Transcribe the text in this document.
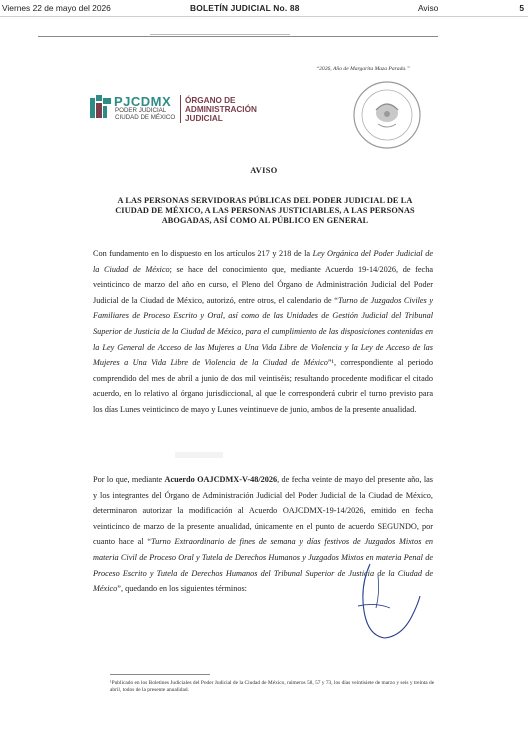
Viernes 22 de mayo del 2026	BOLETÍN JUDICIAL No. 88	Aviso	5
“2026, Año de Margarita Maza Parada.”
PJCDMX
PODER JUDICIAL
CIUDAD DE MÉXICO
ÓRGANO DE
ADMINISTRACIÓN
JUDICIAL
AVISO
A LAS PERSONAS SERVIDORAS PÚBLICAS DEL PODER JUDICIAL DE LA CIUDAD DE MÉXICO, A LAS PERSONAS JUSTICIABLES, A LAS PERSONAS ABOGADAS, ASÍ COMO AL PÚBLICO EN GENERAL
Con fundamento en lo dispuesto en los artículos 217 y 218 de la Ley Orgánica del Poder Judicial de la Ciudad de México; se hace del conocimiento que, mediante Acuerdo 19-14/2026, de fecha veinticinco de marzo del año en curso, el Pleno del Órgano de Administración Judicial del Poder Judicial de la Ciudad de México, autorizó, entre otros, el calendario de “Turno de Juzgados Civiles y Familiares de Proceso Escrito y Oral, así como de las Unidades de Gestión Judicial del Tribunal Superior de Justicia de la Ciudad de México, para el cumplimiento de las disposiciones contenidas en la Ley General de Acceso de las Mujeres a Una Vida Libre de Violencia y la Ley de Acceso de las Mujeres a Una Vida Libre de Violencia de la Ciudad de México”¹, correspondiente al periodo comprendido del mes de abril a junio de dos mil veintiséis; resultando procedente modificar el citado acuerdo, en lo relativo al órgano jurisdiccional, al que le corresponderá cubrir el turno previsto para los días Lunes veinticinco de mayo y Lunes veintinueve de junio, ambos de la presente anualidad.
Por lo que, mediante Acuerdo OAJCDMX-V-48/2026, de fecha veinte de mayo del presente año, las y los integrantes del Órgano de Administración Judicial del Poder Judicial de la Ciudad de México, determinaron autorizar la modificación al Acuerdo OAJCDMX-19-14/2026, emitido en fecha veinticinco de marzo de la presente anualidad, únicamente en el punto de acuerdo SEGUNDO, por cuanto hace al “Turno Extraordinario de fines de semana y días festivos de Juzgados Mixtos en materia Civil de Proceso Oral y Tutela de Derechos Humanos y Juzgados Mixtos en materia Penal de Proceso Escrito y Tutela de Derechos Humanos del Tribunal Superior de Justicia de la Ciudad de México”, quedando en los siguientes términos:
¹Publicado en los Boletines Judiciales del Poder Judicial de la Ciudad de México, números 58, 57 y 73, los días veintisiete de marzo y seis y treinta de abril, todos de la presente anualidad.
